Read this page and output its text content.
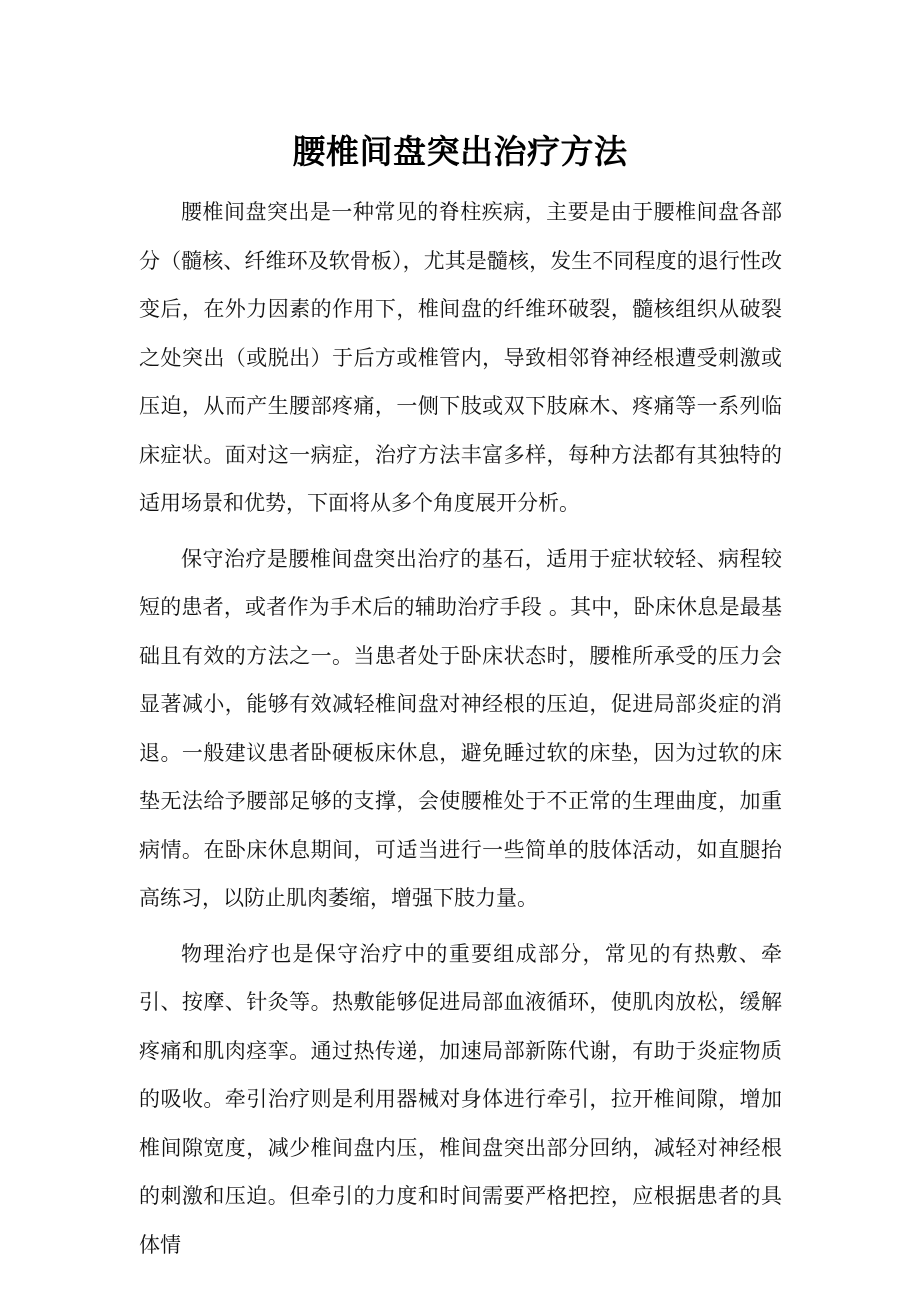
腰椎间盘突出治疗方法

腰椎间盘突出是一种常见的脊柱疾病，主要是由于腰椎间盘各部分（髓核、纤维环及软骨板），尤其是髓核，发生不同程度的退行性改变后，在外力因素的作用下，椎间盘的纤维环破裂，髓核组织从破裂之处突出（或脱出）于后方或椎管内，导致相邻脊神经根遭受刺激或压迫，从而产生腰部疼痛，一侧下肢或双下肢麻木、疼痛等一系列临床症状。面对这一病症，治疗方法丰富多样，每种方法都有其独特的适用场景和优势，下面将从多个角度展开分析。

保守治疗是腰椎间盘突出治疗的基石，适用于症状较轻、病程较短的患者，或者作为手术后的辅助治疗手段 。其中，卧床休息是最基础且有效的方法之一。当患者处于卧床状态时，腰椎所承受的压力会显著减小，能够有效减轻椎间盘对神经根的压迫，促进局部炎症的消退。一般建议患者卧硬板床休息，避免睡过软的床垫，因为过软的床垫无法给予腰部足够的支撑，会使腰椎处于不正常的生理曲度，加重病情。在卧床休息期间，可适当进行一些简单的肢体活动，如直腿抬高练习，以防止肌肉萎缩，增强下肢力量。

物理治疗也是保守治疗中的重要组成部分，常见的有热敷、牵引、按摩、针灸等。热敷能够促进局部血液循环，使肌肉放松，缓解疼痛和肌肉痉挛。通过热传递，加速局部新陈代谢，有助于炎症物质的吸收。牵引治疗则是利用器械对身体进行牵引，拉开椎间隙，增加椎间隙宽度，减少椎间盘内压，椎间盘突出部分回纳，减轻对神经根的刺激和压迫。但牵引的力度和时间需要严格把控，应根据患者的具体情
